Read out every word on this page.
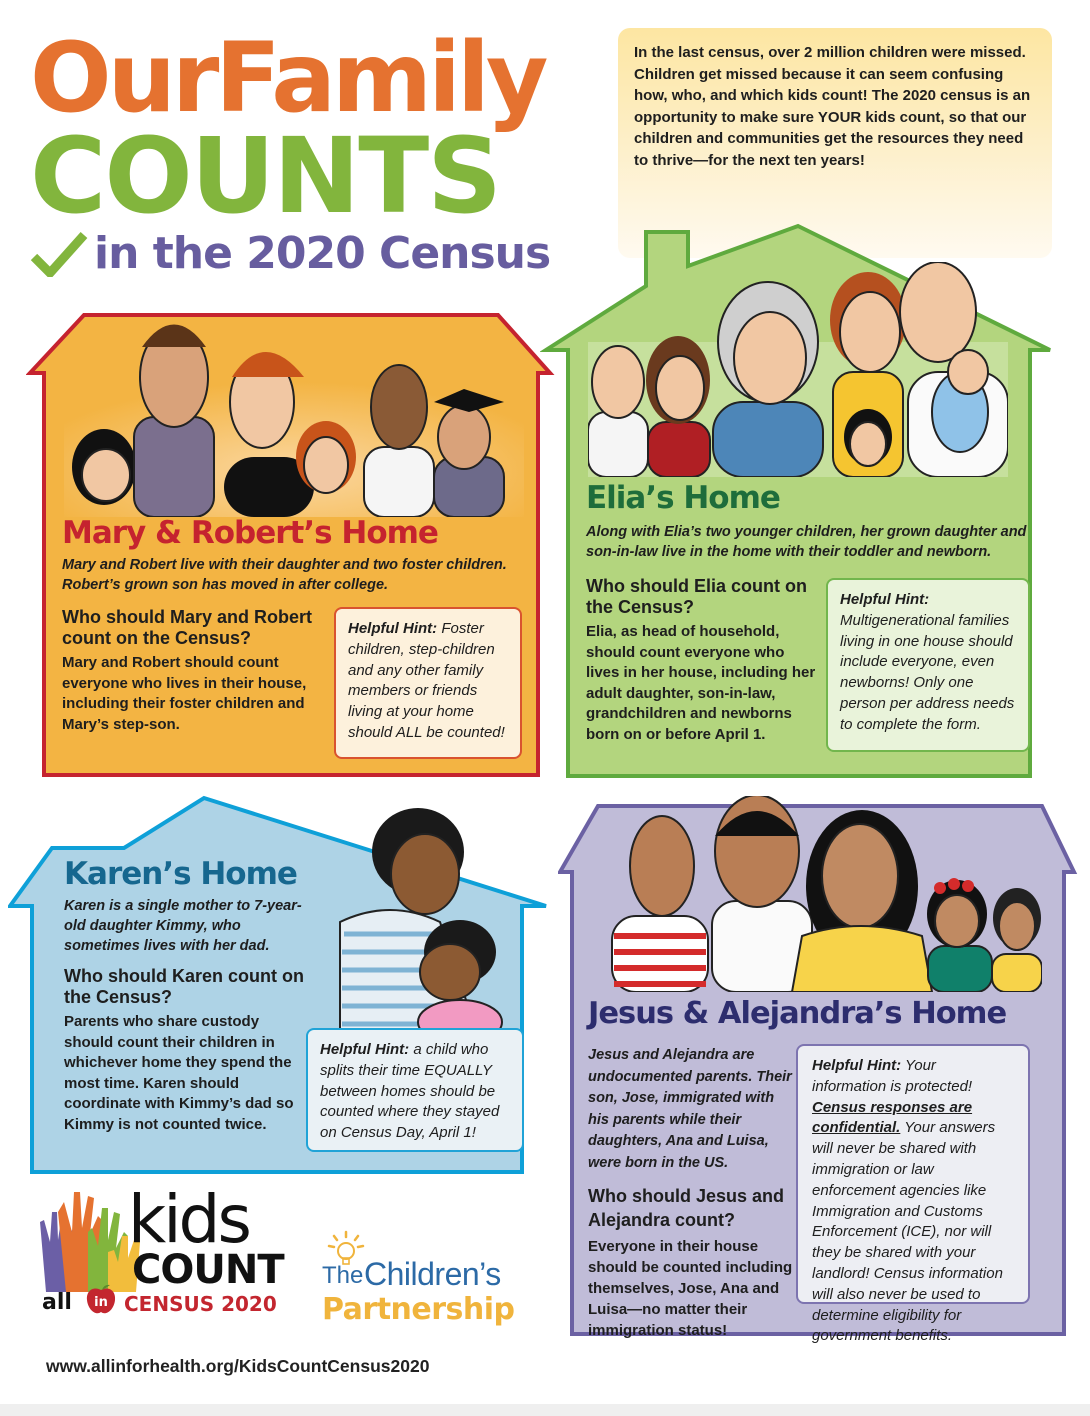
OurFamily
COUNTS
in the 2020 Census

In the last census, over 2 million children were missed. Children get missed because it can seem confusing how, who, and which kids count! The 2020 census is an opportunity to make sure YOUR kids count, so that our children and communities get the resources they need to thrive—for the next ten years!

Mary & Robert’s Home

Mary and Robert live with their daughter and two foster children. Robert’s grown son has moved in after college.

Who should Mary and Robert count on the Census?

Mary and Robert should count everyone who lives in their house, including their foster children and Mary’s step-son.

Helpful Hint: Foster children, step-children and any other family members or friends living at your home should ALL be counted!
Elia’s Home

Along with Elia’s two younger children, her grown daughter and son-in-law live in the home with their toddler and newborn.

Who should Elia count on the Census?

Elia, as head of household, should count everyone who lives in her house, including her adult daughter, son-in-law, grandchildren and newborns born on or before April 1.

Helpful Hint:
Multigenerational families living in one house should include everyone, even newborns! Only one person per address needs to complete the form.
Karen’s Home

Karen is a single mother to 7-year-old daughter Kimmy, who sometimes lives with her dad.

Who should Karen count on the Census?

Parents who share custody should count their children in whichever home they spend the most time. Karen should coordinate with Kimmy’s dad so Kimmy is not counted twice.

Helpful Hint: a child who splits their time EQUALLY between homes should be counted where they stayed on Census Day, April 1!
Jesus & Alejandra’s Home

Jesus and Alejandra are undocumented parents. Their son, Jose, immigrated with his parents while their daughters, Ana and Luisa, were born in the US.

Who should Jesus and Alejandra count?

Everyone in their house should be counted including themselves, Jose, Ana and Luisa—no matter their immigration status!

Helpful Hint: Your information is protected! Census responses are confidential. Your answers will never be shared with immigration or law enforcement agencies like Immigration and Customs Enforcement (ICE), nor will they be shared with your landlord! Census information will also never be used to determine eligibility for government benefits.
kids
COUNT
all in CENSUS 2020
The Children’s
Partnership
www.allinforhealth.org/KidsCountCensus2020
